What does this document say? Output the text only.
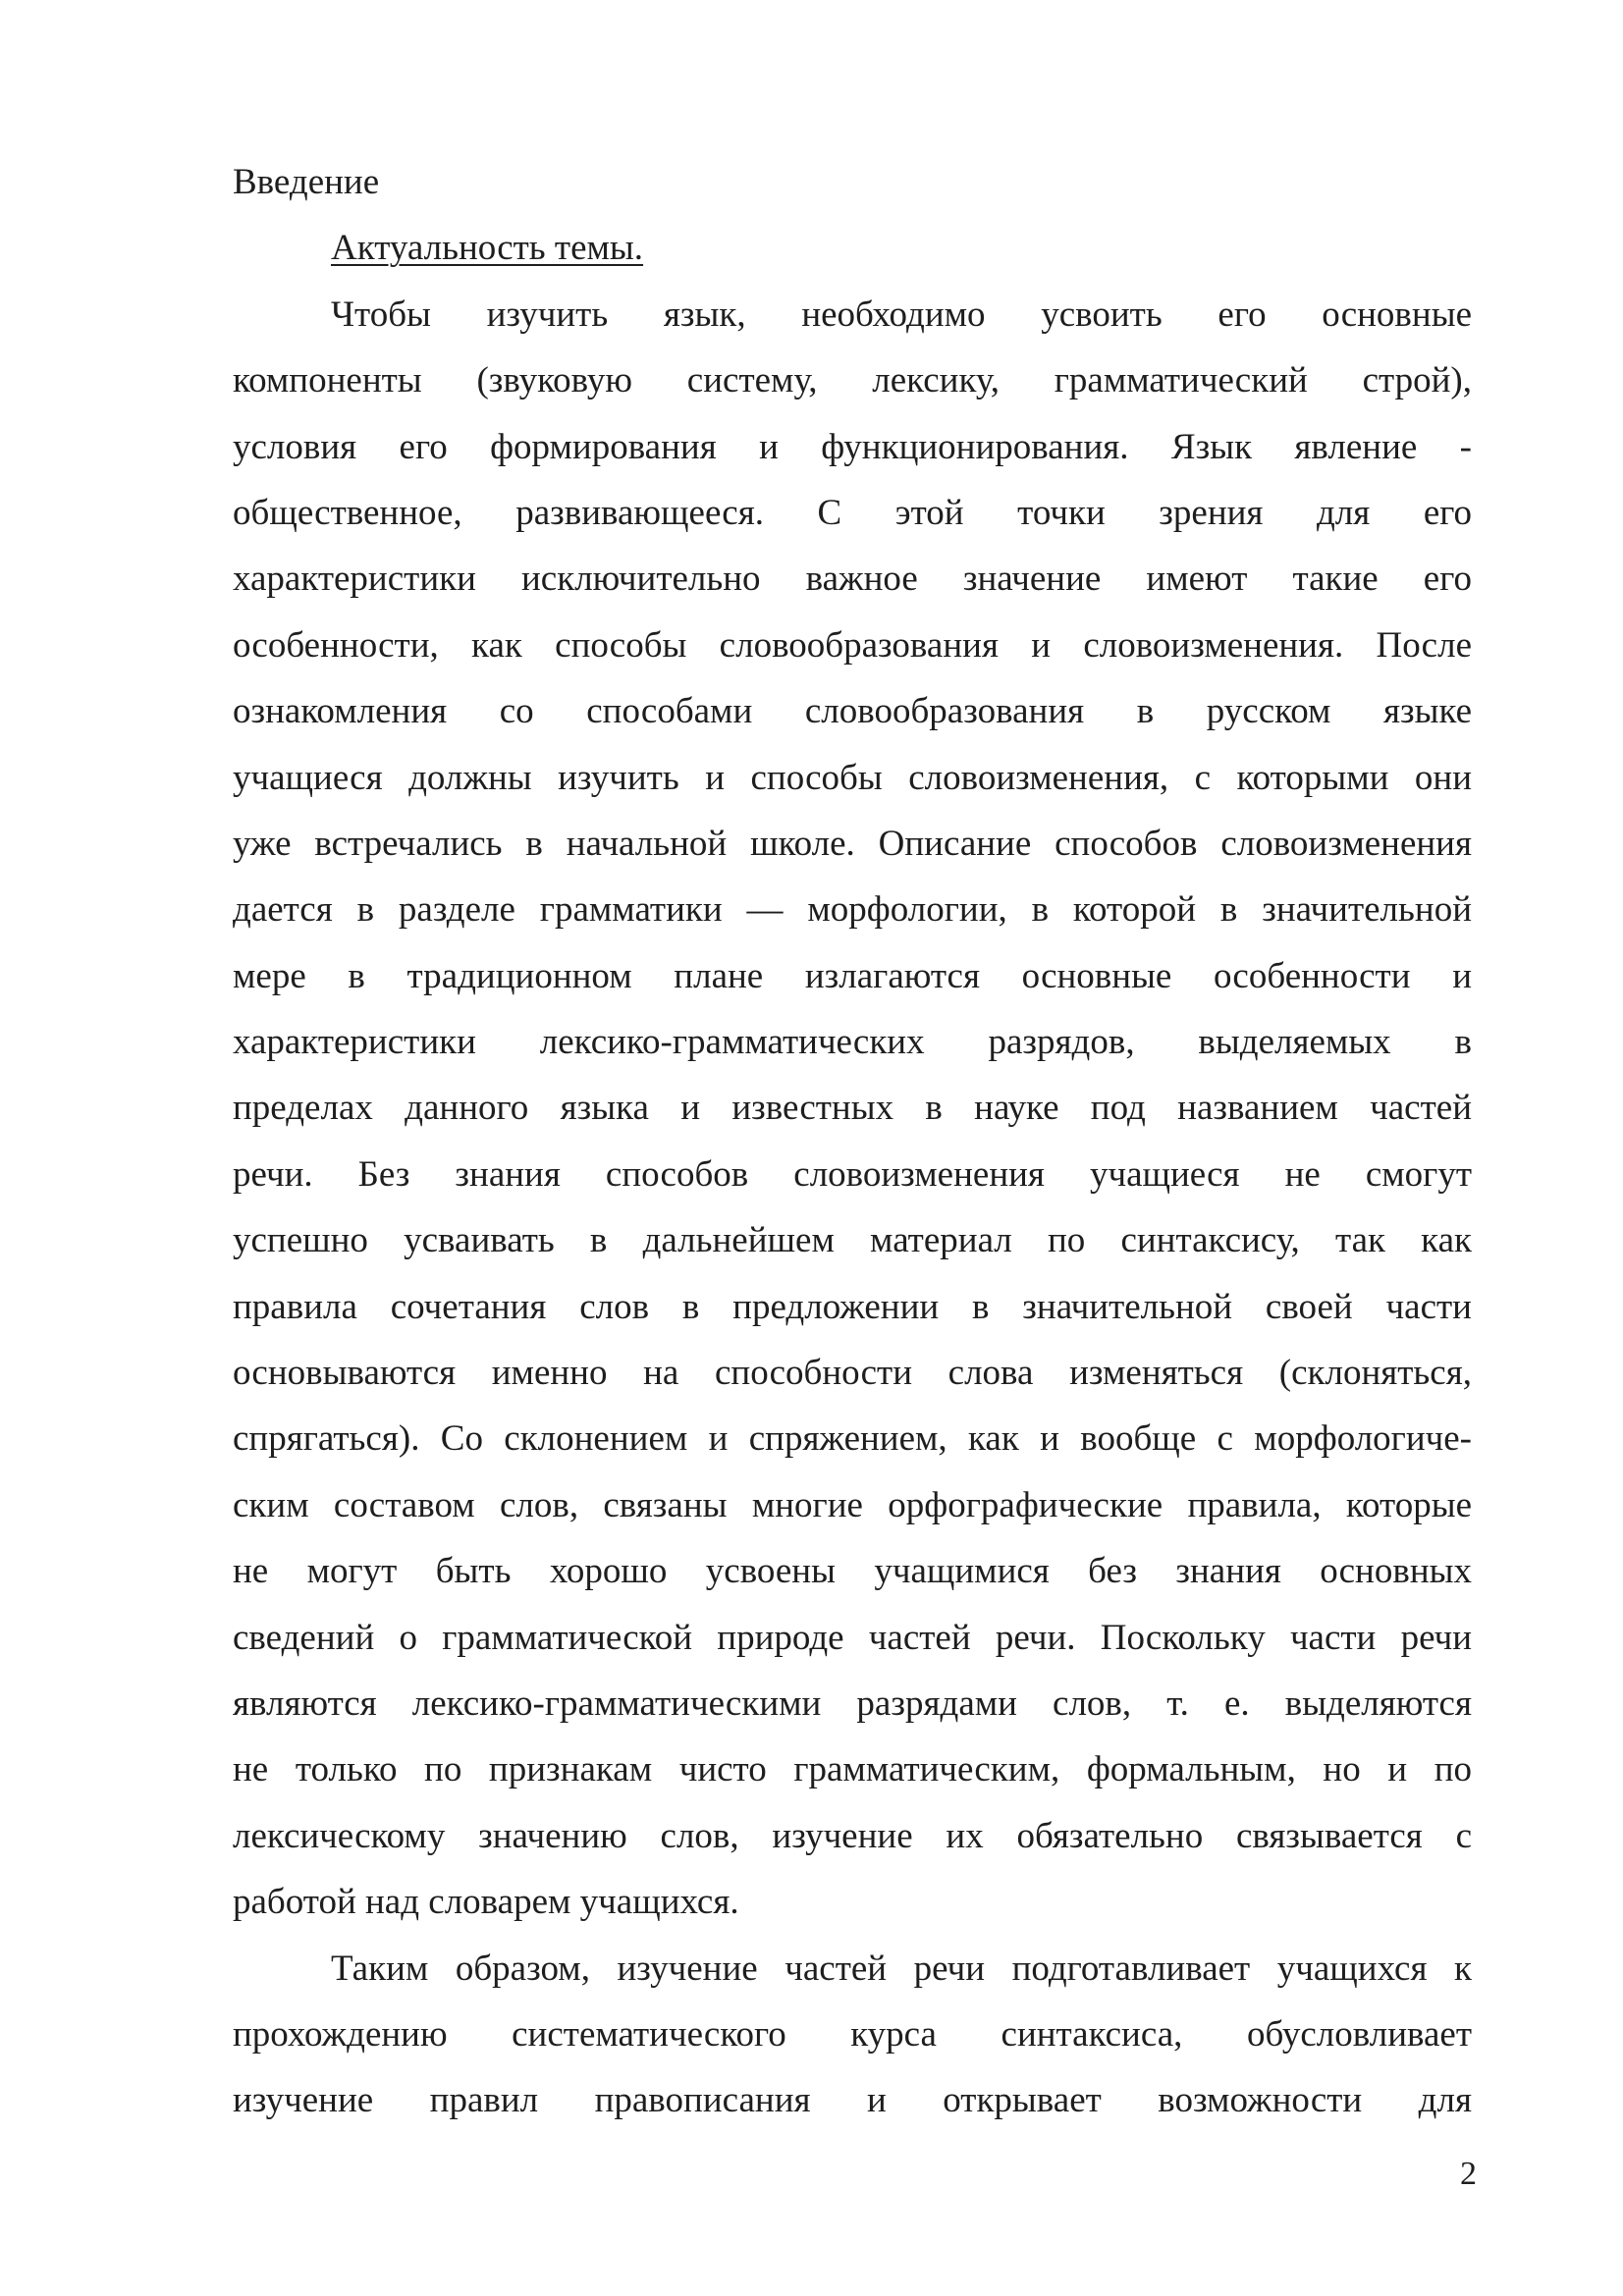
Введение
Актуальность темы.
Чтобы изучить язык, необходимо усвоить его основные
компоненты (звуковую систему, лексику, грамматический строй),
условия его формирования и функционирования. Язык явление -
общественное, развивающееся. С этой точки зрения для его
характеристики исключительно важное значение имеют такие его
особенности, как способы словообразования и словоизменения. После
ознакомления со способами словообразования в русском языке
учащиеся должны изучить и способы словоизменения, с которыми они
уже встречались в начальной школе. Описание способов словоизменения
дается в разделе грамматики — морфологии, в которой в значительной
мере в традиционном плане излагаются основные особенности и
характеристики лексико-грамматических разрядов, выделяемых в
пределах данного языка и известных в науке под названием частей
речи. Без знания способов словоизменения учащиеся не смогут
успешно усваивать в дальнейшем материал по синтаксису, так как
правила сочетания слов в предложении в значительной своей части
основываются именно на способности слова изменяться (склоняться,
спрягаться). Со склонением и спряжением, как и вообще с морфологиче-
ским составом слов, связаны многие орфографические правила, которые
не могут быть хорошо усвоены учащимися без знания основных
сведений о грамматической природе частей речи. Поскольку части речи
являются лексико-грамматическими разрядами слов, т. е. выделяются
не только по признакам чисто грамматическим, формальным, но и по
лексическому значению слов, изучение их обязательно связывается с
работой над словарем учащихся.
Таким образом, изучение частей речи подготавливает учащихся к
прохождению систематического курса синтаксиса, обусловливает
изучение правил правописания и открывает возможности для
2
